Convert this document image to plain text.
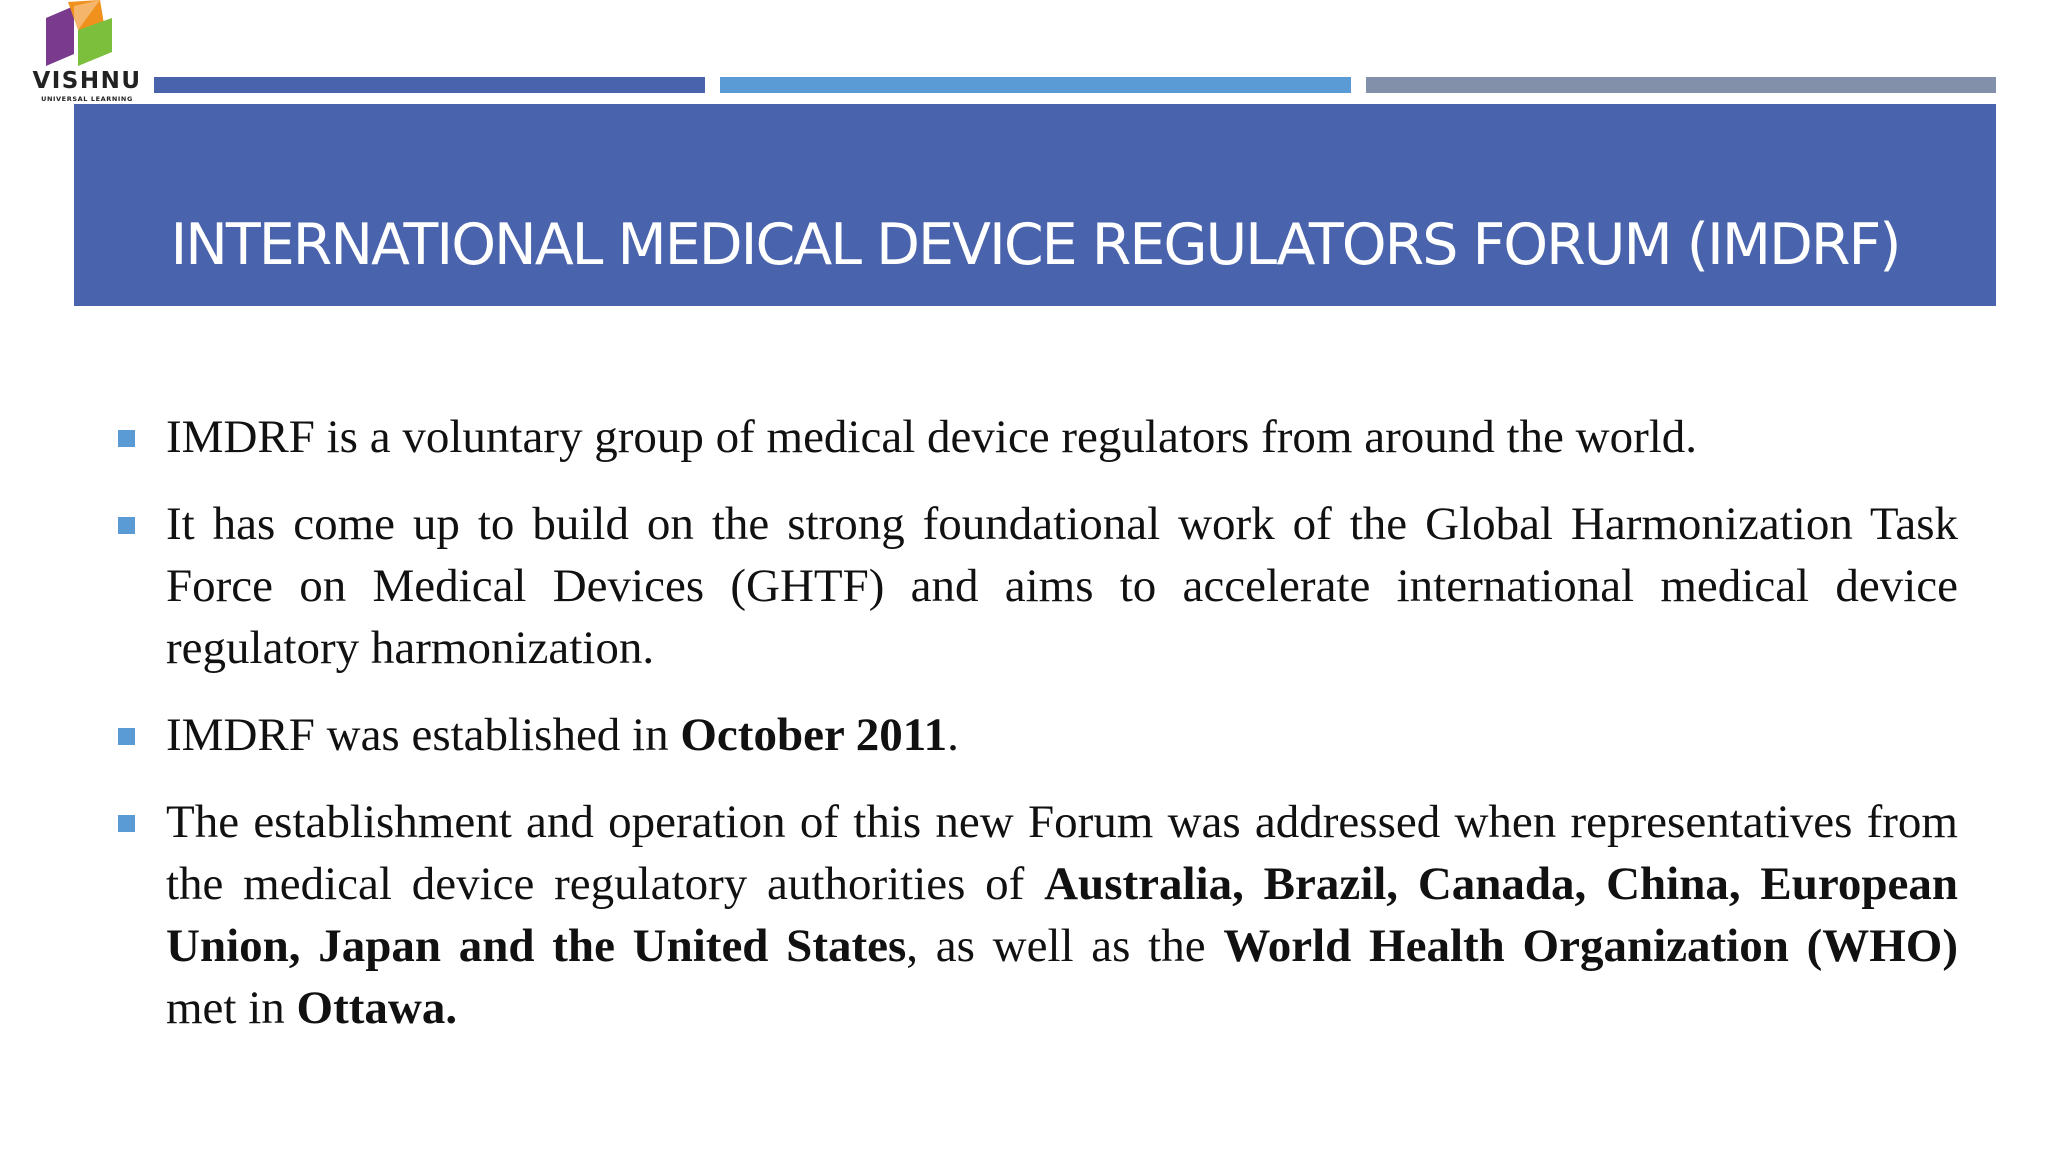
VISHNU
UNIVERSAL LEARNING
INTERNATIONAL MEDICAL DEVICE REGULATORS FORUM (IMDRF)
IMDRF is a voluntary group of medical device regulators from around the world.
It has come up to build on the strong foundational work of the Global Harmonization Task Force on Medical Devices (GHTF) and aims to accelerate international medical device regulatory harmonization.
IMDRF was established in October 2011.
The establishment and operation of this new Forum was addressed when representatives from the medical device regulatory authorities of Australia, Brazil, Canada, China, European Union, Japan and the United States, as well as the World Health Organization (WHO) met in Ottawa.
